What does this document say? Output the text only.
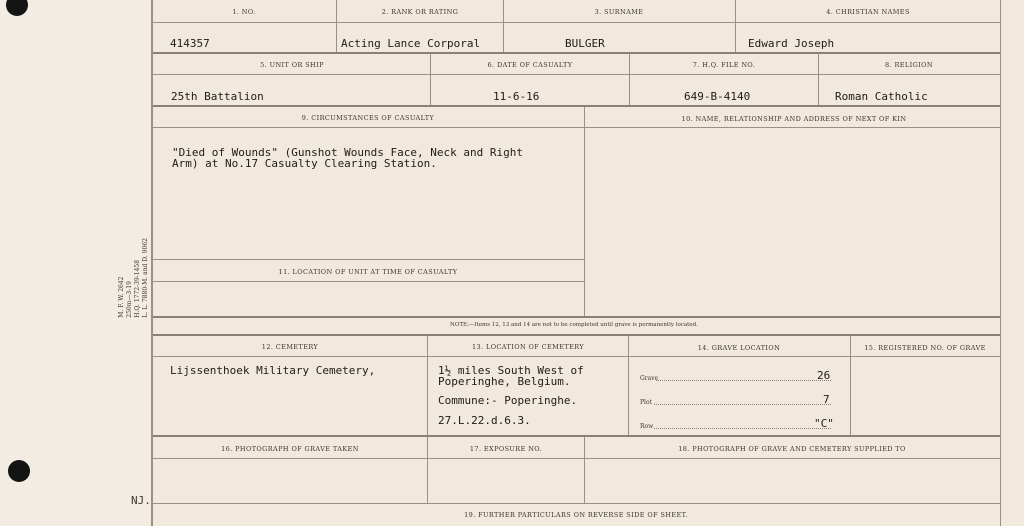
M. F. W. 2642
250m—3-19
H.Q. 1772-39-1458
L. L. 7880-M. and D. 9062
NJ.
1. NO.	2. RANK OR RATING	3. SURNAME	4. CHRISTIAN NAMES
414357	Acting Lance Corporal	BULGER	Edward Joseph
5. UNIT OR SHIP	6. DATE OF CASUALTY	7. H.Q. FILE NO.	8. RELIGION
25th Battalion	11-6-16	649-B-4140	Roman Catholic
9. CIRCUMSTANCES OF CASUALTY	10. NAME, RELATIONSHIP AND ADDRESS OF NEXT OF KIN
"Died of Wounds" (Gunshot Wounds Face, Neck and Right
Arm) at No.17 Casualty Clearing Station.
11. LOCATION OF UNIT AT TIME OF CASUALTY
NOTE:—Items 12, 13 and 14 are not to be completed until grave is permanently located.
12. CEMETERY	13. LOCATION OF CEMETERY	14. GRAVE LOCATION	15. REGISTERED NO. OF GRAVE
Lijssenthoek Military Cemetery,	1½ miles South West of
Poperinghe, Belgium.
Commune:- Poperinghe.
27.L.22.d.6.3.
Grave	26
Plot	7
Row	"C"
16. PHOTOGRAPH OF GRAVE TAKEN	17. EXPOSURE NO.	18. PHOTOGRAPH OF GRAVE AND CEMETERY SUPPLIED TO
19. FURTHER PARTICULARS ON REVERSE SIDE OF SHEET.
